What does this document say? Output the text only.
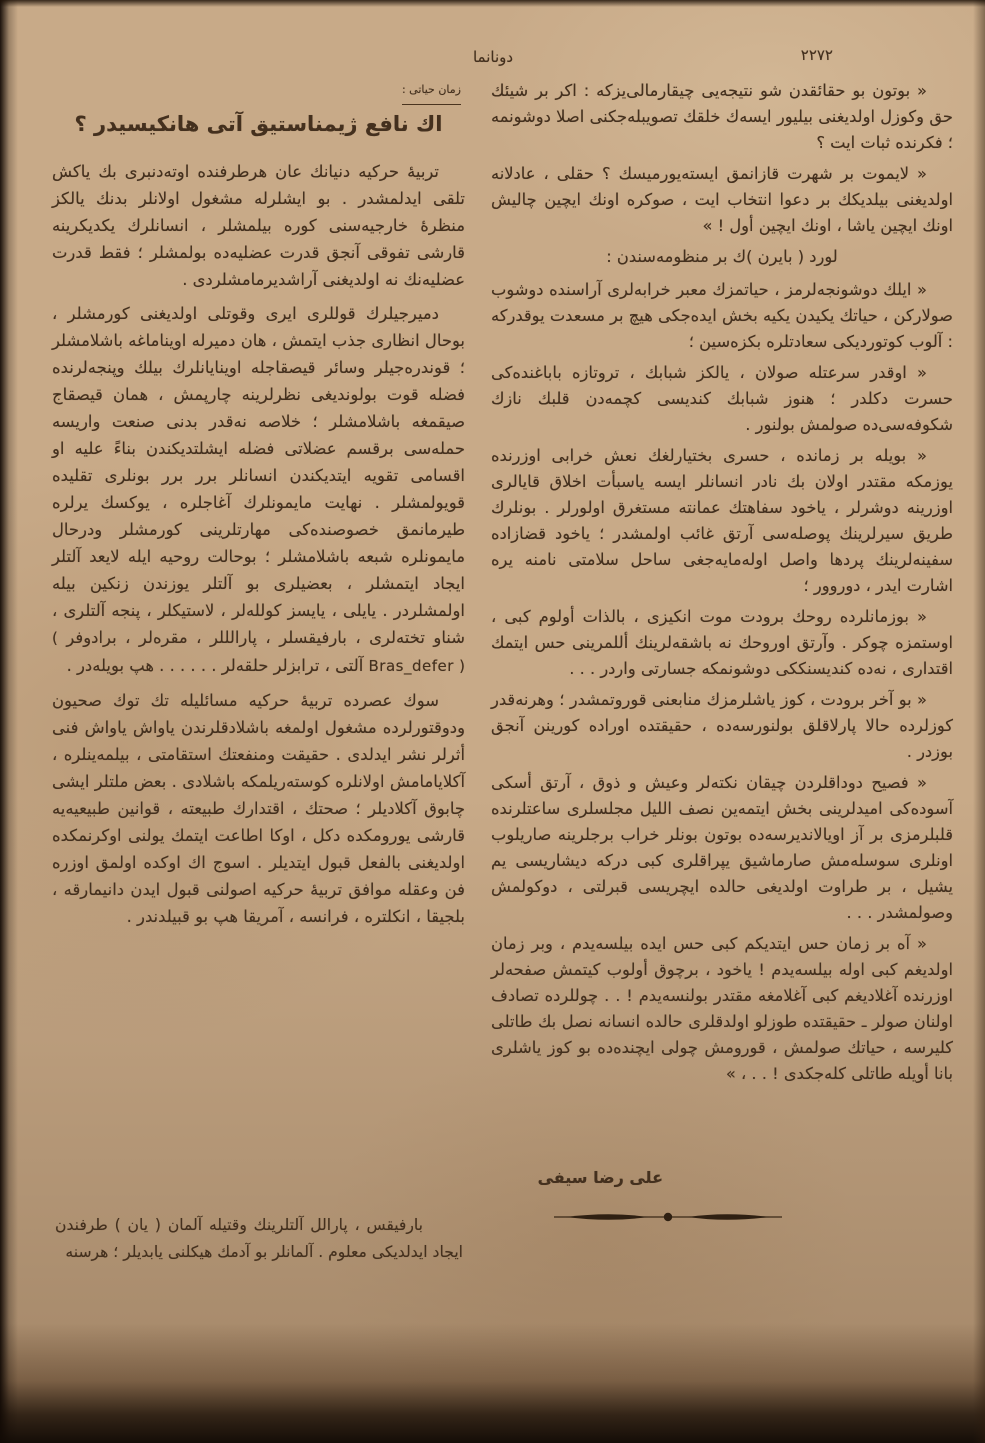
دونانما	٢٢٧٢

« بوتون بو حقائقدن شو نتيجه‌يى چيقارمالى‌يزكه : اكر بر شيئك حق وكوزل اولديغنى بيليور ايسه‌ك خلقك تصويبله‌جكنى اصلا دوشونمه ؛ فكرنده ثبات ايت ؟

« لايموت بر شهرت قازانمق ايسته‌يورميسك ؟ حقلى ، عادلانه اولديغنى بيلديكك بر دعوا انتخاب ايت ، صوكره اونك ايچين چاليش اونك ايچين ياشا ، اونك ايچين أول ! »

لورد ( بايرن )ك بر منظومه‌سندن :

« ايلك دوشونجه‌لرمز ، حياتمزك معبر خرابه‌لرى آراسنده دوشوب صولاركن ، حياتك يكيدن يكيه بخش ايده‌جكى هيچ بر مسعدت يوقدركه : آلوب كوتورديكى سعادتلره بكزه‌سين ؛

« اوقدر سرعتله صولان ، يالكز شبابك ، تروتازه باباغنده‌كى حسرت دكلدر ؛ هنوز شبابك كنديسى كچمه‌دن قلبك نازك شكوفه‌سى‌ده صولمش بولنور .

« بويله بر زمانده ، حسرى بختيارلغك نعش خرابى اوزرنده يوزمكه مقتدر اولان بك نادر انسانلر ايسه ياسبأت اخلاق قايالرى اوزرينه دوشرلر ، ياخود سفاهتك عمانته مستغرق اولورلر . بونلرك طريق سيرلرينك پوصله‌سى آرتق غائب اولمشدر ؛ ياخود قضازاده سفينه‌لرينك پردها واصل اوله‌مايه‌جغى ساحل سلامتى نامنه يره اشارت ايدر ، دوروور ؛

« بوزمانلرده روحك برودت موت انكيزى ، بالذات أولوم كبى ، اوستمزه چوكر . وآرتق اوروحك نه باشقه‌لرينك أللمرينى حس ايتمك اقتدارى ، نه‌ده كنديسنككى دوشونمكه جسارتى واردر . . .

« بو آخر برودت ، كوز ياشلرمزك منابعنى قوروتمشدر ؛ وهرنه‌قدر كوزلرده حالا پارلاقلق بولنورسه‌ده ، حقيقتده اوراده كورينن آنجق بوزدر .

« فصيح دوداقلردن چيقان نكته‌لر وعيش و ذوق ، آرتق أسكى آسوده‌كى اميدلرينى بخش ايتمه‌ين نصف الليل مجلسلرى ساعتلرنده قلبلرمزى بر آز اويالانديرسه‌ده بوتون بونلر خراب برجلرينه صاريلوب اونلرى سوسله‌مش صارماشيق يپراقلرى كبى دركه ديشاريسى يم يشيل ، بر طراوت اولديغى حالده ايچريسى قبرلتى ، دوكولمش وصولمشدر . . .

« آه بر زمان حس ايتديكم كبى حس ايده بيلسه‌يدم ، وبر زمان اولديغم كبى اوله بيلسه‌يدم ! ياخود ، برچوق أولوب كيتمش صفحه‌لر اوزرنده آغلاديغم كبى آغلامغه مقتدر بولنسه‌يدم ! . . چوللرده تصادف اولنان صولر ـ حقيقتده طوزلو اولدقلرى حالده انسانه نصل بك طاتلى كليرسه ، حياتك صولمش ، قورومش چولى ايچنده‌ده بو كوز ياشلرى بانا أويله طاتلى كله‌جكدى ! . . ، »

على رضا سيفى
زمان حياتى :
اك نافع ژيمناستيق آتى هانكيسيدر ؟

تربيهٔ حركيه دنيانك عان هرطرفنده اوته‌دنبرى بك ياكش تلقى ايدلمشدر . بو ايشلرله مشغول اولانلر بدنك يالكز منظرهٔ خارجيه‌سنى كوره بيلمشلر ، انسانلرك يكديكرينه قارشى تفوقى آنجق قدرت عضليه‌ده بولمشلر ؛ فقط قدرت عضليه‌نك نه اولديغنى آراشديرمامشلردى .

دميرجيلرك قوللرى ايرى وقوتلى اولديغنى كورمشلر ، بوحال انظارى جذب ايتمش ، هان دميرله اويناماغه باشلامشلر ؛ قوندره‌جيلر وسائر قيصقاجله اوينايانلرك بيلك وپنجه‌لرنده فضله قوت بولونديغى نظرلرينه چارپمش ، همان قيصقاج صيقمغه باشلامشلر ؛ خلاصه نه‌قدر بدنى صنعت واريسه حمله‌سى برقسم عضلاتى فضله ايشلتديكندن بناءً عليه او اقسامى تقويه ايتديكندن انسانلر برر برر بونلرى تقليده قويولمشلر . نهايت مايمونلرك آغاجلره ، يوكسك يرلره طيرمانمق خصوصنده‌كى مهارتلرينى كورمشلر ودرحال مايمونلره شبعه باشلامشلر ؛ بوحالت روحيه ايله لايعد آلتلر ايجاد ايتمشلر ، بعضيلرى بو آلتلر يوزندن زنكين بيله اولمشلردر . يايلى ، يايسز كولله‌لر ، لاستيكلر ، پنجه آلتلرى ، شناو تخته‌لرى ، بارفيقسلر ، پارالللر ، مقره‌لر ، برادوفر ( Bras_defer ) آلتى ، ترابزلر حلقه‌لر . . . . . . هپ بويله‌در .

سوك عصرده تربيهٔ حركيه مسائليله تك توك صحيون ودوقتورلرده مشغول اولمغه باشلادقلرندن ياواش ياواش فنى أثرلر نشر ايدلدى . حقيقت ومنفعتك استقامتى ، بيلمه‌ينلره ، آكلايامامش اولانلره كوسته‌ريلمكه باشلادى . بعض ملتلر ايشى چابوق آكلاديلر ؛ صحتك ، اقتدارك طبيعته ، قوانين طبيعيه‌يه قارشى يورومكده دكل ، اوكا اطاعت ايتمك يولنى اوكرنمكده اولديغنى بالفعل قبول ايتديلر . اسوج اك اوكده اولمق اوزره فن وعقله موافق تربيهٔ حركيه اصولنى قبول ايدن دانيمارقه ، بلجيقا ، انكلتره ، فرانسه ، آمريقا هپ بو قبيلدندر .

بارفيقس ، پارالل آلتلرينك وقتيله آلمان ( يان ) طرفندن ايجاد ايدلديكى معلوم . آلمانلر بو آدمك هيكلنى يابديلر ؛ هرسنه
